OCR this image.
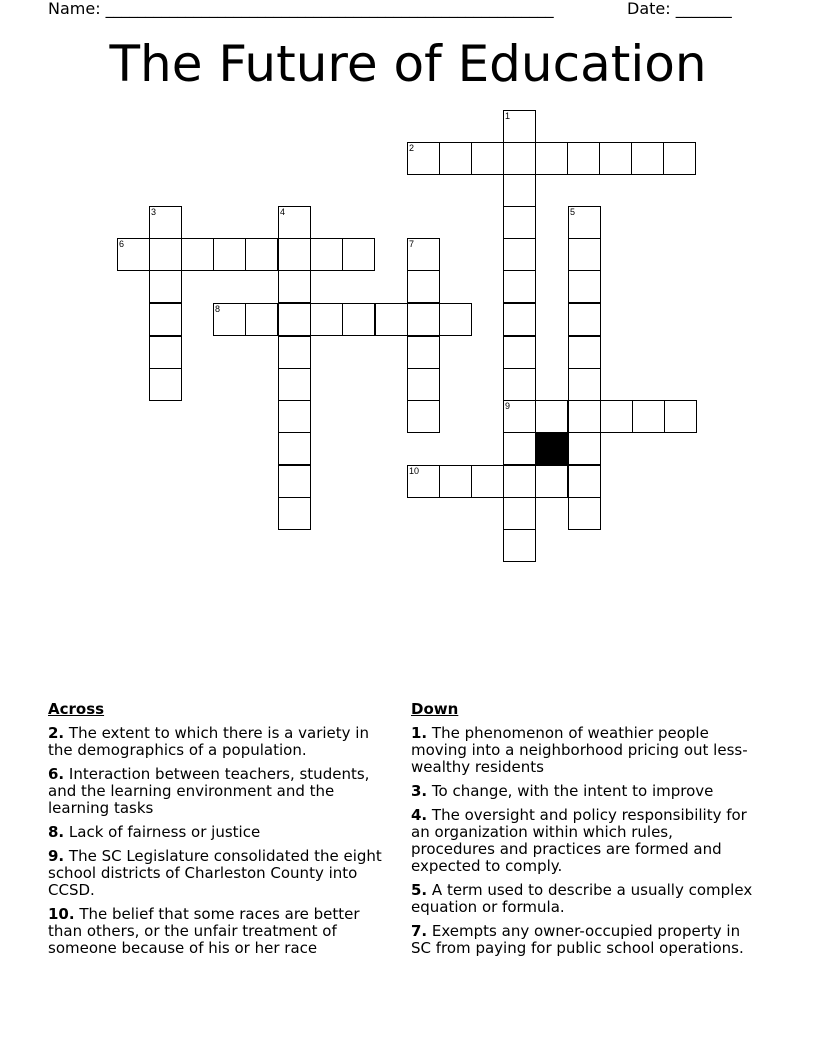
Name: ________________________________________________________	Date: _______
The Future of Education
1
2
3	4	5
6	7
8
9
10
Across
2. The extent to which there is a variety in the demographics of a population.
6. Interaction between teachers, students, and the learning environment and the learning tasks
8. Lack of fairness or justice
9. The SC Legislature consolidated the eight school districts of Charleston County into CCSD.
10. The belief that some races are better than others, or the unfair treatment of someone because of his or her race
Down
1. The phenomenon of weathier people moving into a neighborhood pricing out less-wealthy residents
3. To change, with the intent to improve
4. The oversight and policy responsibility for an organization within which rules, procedures and practices are formed and expected to comply.
5. A term used to describe a usually complex equation or formula.
7. Exempts any owner-occupied property in SC from paying for public school operations.
